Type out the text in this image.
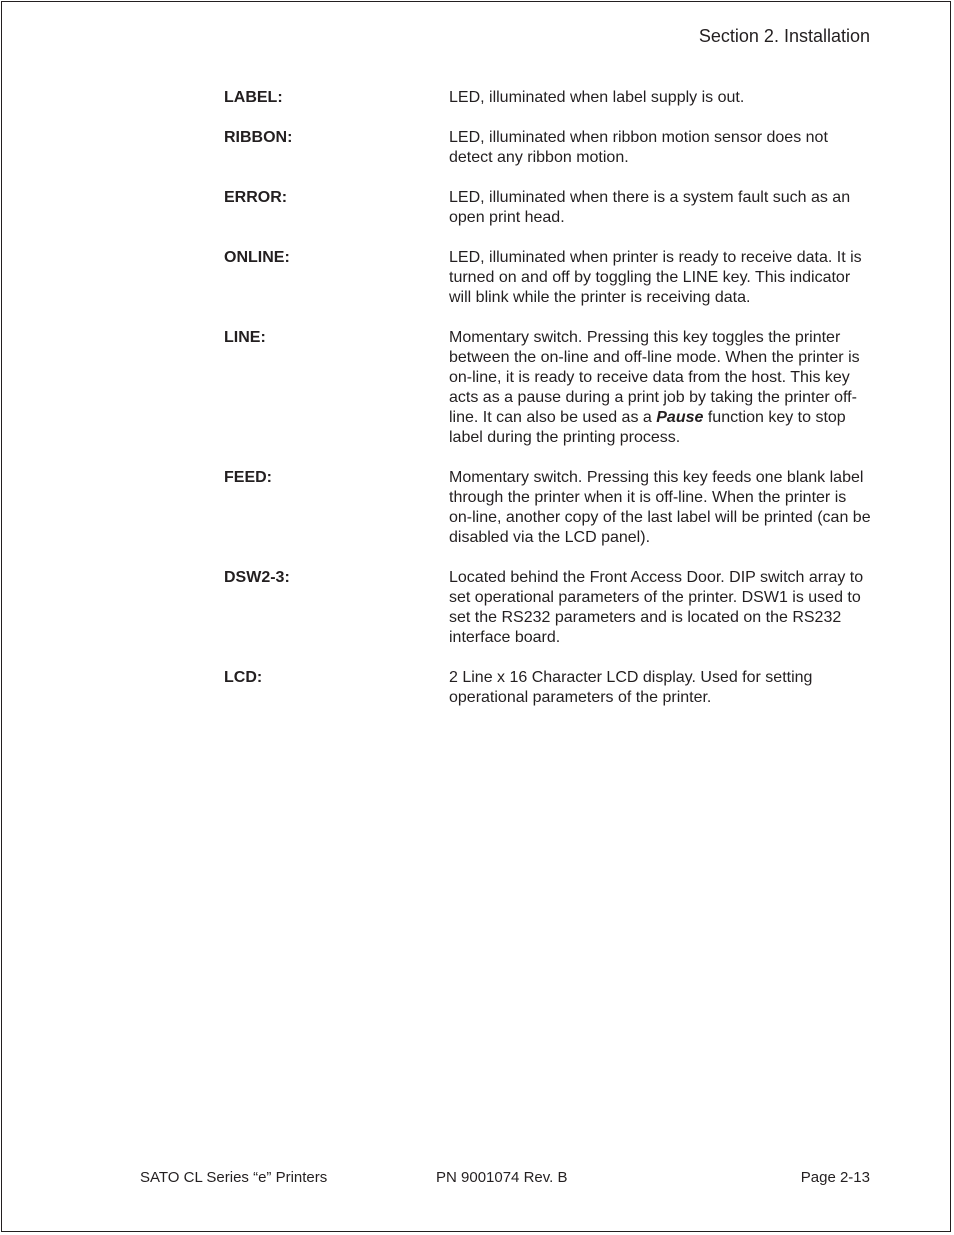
Section 2. Installation
LABEL:	LED, illuminated when label supply is out.
RIBBON:	LED, illuminated when ribbon motion sensor does not detect any ribbon motion.
ERROR:	LED, illuminated when there is a system fault such as an open print head.
ONLINE:	LED, illuminated when printer is ready to receive data. It is turned on and off by toggling the LINE key. This indicator will blink while the printer is receiving data.
LINE:	Momentary switch. Pressing this key toggles the printer between the on-line and off-line mode. When the printer is on-line, it is ready to receive data from the host. This key acts as a pause during a print job by taking the printer off-line. It can also be used as a Pause function key to stop label during the printing process.
FEED:	Momentary switch. Pressing this key feeds one blank label through the printer when it is off-line. When the printer is on-line, another copy of the last label will be printed (can be disabled via the LCD panel).
DSW2-3:	Located behind the Front Access Door. DIP switch array to set operational parameters of the printer. DSW1 is used to set the RS232 parameters and is located on the RS232 interface board.
LCD:	2 Line x 16 Character LCD display. Used for setting operational parameters of the printer.
SATO CL Series “e” Printers	PN 9001074 Rev. B	Page 2-13
